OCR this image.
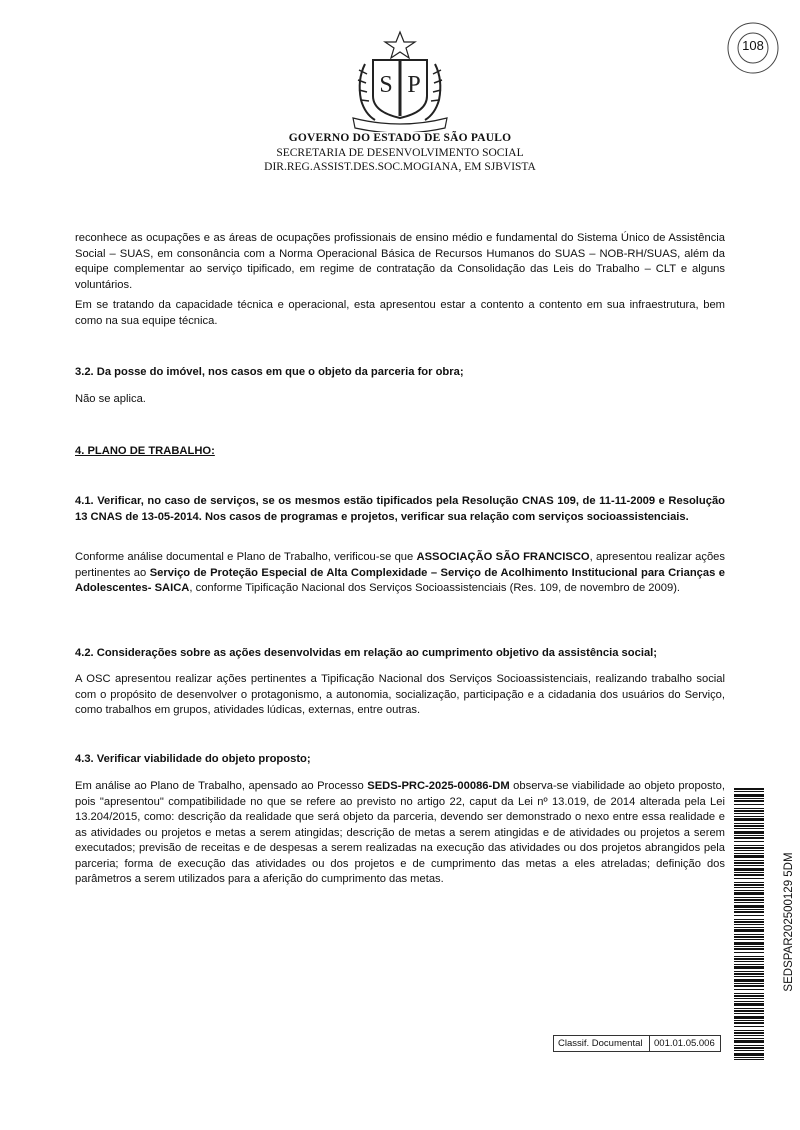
S P
GOVERNO DO ESTADO DE SÃO PAULO
SECRETARIA DE DESENVOLVIMENTO SOCIAL
DIR.REG.ASSIST.DES.SOC.MOGIANA, EM SJBVISTA
108

reconhece as ocupações e as áreas de ocupações profissionais de ensino médio e fundamental do Sistema Único de Assistência Social – SUAS, em consonância com a Norma Operacional Básica de Recursos Humanos do SUAS – NOB-RH/SUAS, além da equipe complementar ao serviço tipificado, em regime de contratação da Consolidação das Leis do Trabalho – CLT e alguns voluntários.

Em se tratando da capacidade técnica e operacional, esta apresentou estar a contento a contento em sua infraestrutura, bem como na sua equipe técnica.

3.2. Da posse do imóvel, nos casos em que o objeto da parceria for obra;

Não se aplica.

4. PLANO DE TRABALHO:

4.1. Verificar, no caso de serviços, se os mesmos estão tipificados pela Resolução CNAS 109, de 11-11-2009 e Resolução 13 CNAS de 13-05-2014. Nos casos de programas e projetos, verificar sua relação com serviços socioassistenciais.

Conforme análise documental e Plano de Trabalho, verificou-se que ASSOCIAÇÃO SÃO FRANCISCO, apresentou realizar ações pertinentes ao Serviço de Proteção Especial de Alta Complexidade – Serviço de Acolhimento Institucional para Crianças e Adolescentes- SAICA, conforme Tipificação Nacional dos Serviços Socioassistenciais (Res. 109, de novembro de 2009).

4.2. Considerações sobre as ações desenvolvidas em relação ao cumprimento objetivo da assistência social;

A OSC apresentou realizar ações pertinentes a Tipificação Nacional dos Serviços Socioassistenciais, realizando trabalho social com o propósito de desenvolver o protagonismo, a autonomia, socialização, participação e a cidadania dos usuários do Serviço, como trabalhos em grupos, atividades lúdicas, externas, entre outras.

4.3. Verificar viabilidade do objeto proposto;

Em análise ao Plano de Trabalho, apensado ao Processo SEDS-PRC-2025-00086-DM observa-se viabilidade ao objeto proposto, pois "apresentou" compatibilidade no que se refere ao previsto no artigo 22, caput da Lei nº 13.019, de 2014 alterada pela Lei 13.204/2015, como: descrição da realidade que será objeto da parceria, devendo ser demonstrado o nexo entre essa realidade e as atividades ou projetos e metas a serem atingidas; descrição de metas a serem atingidas e de atividades ou projetos a serem executados; previsão de receitas e de despesas a serem realizadas na execução das atividades ou dos projetos abrangidos pela parceria; forma de execução das atividades ou dos projetos e de cumprimento das metas a eles atreladas; definição dos parâmetros a serem utilizados para a aferição do cumprimento das metas.	SEDSPAR202500129 5DM
Classif. Documental	001.01.05.006
